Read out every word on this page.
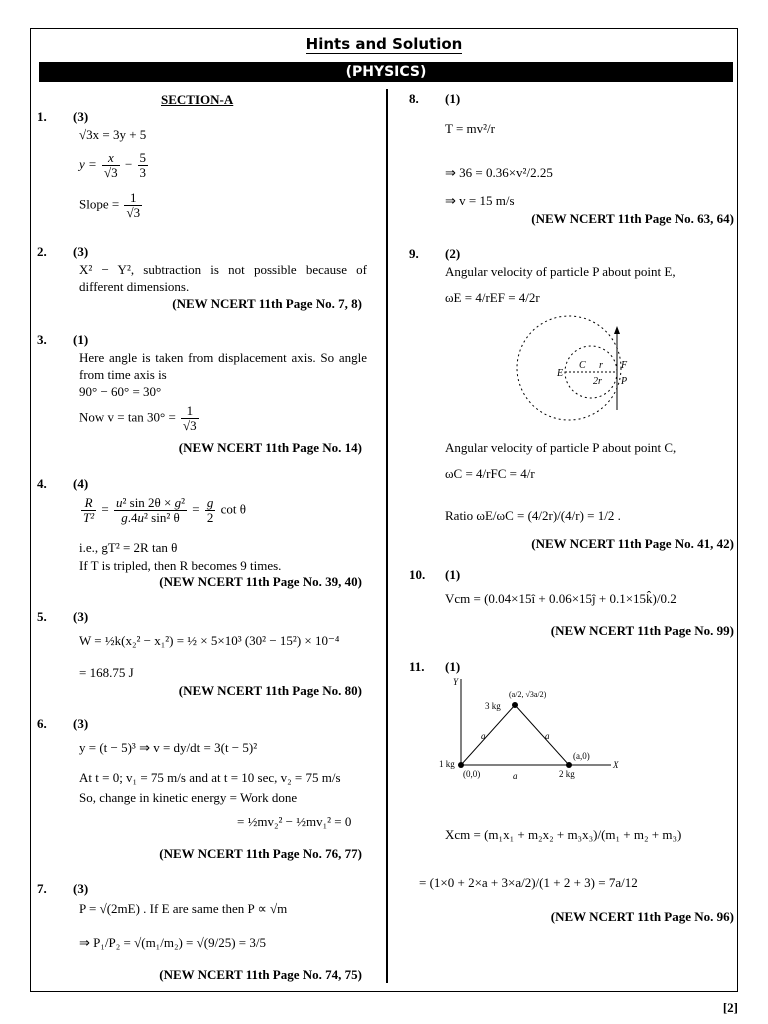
Hints and Solution
(PHYSICS)
SECTION-A
1. (3)
√3x = 3y + 5
$y = \frac{x}{√3} - \frac{5}{3}$
Slope = $\frac{1}{√3}$
2. (3)
X² − Y², subtraction is not possible because of different dimensions.
(NEW NCERT 11th Page No. 7, 8)
3. (1)
Here angle is taken from displacement axis. So angle from time axis is
90° − 60° = 30°
Now $v = \tan 30^\circ = \frac{1}{√3}$
(NEW NCERT 11th Page No. 14)
4. (4)
$\frac{R}{\text{T²}} = \frac{\text{u² sin 2θ × g²}}{\text{g.4u² sin² θ}} = \frac{g}{2}$ cot θ
i.e., gT² = 2R tan θ
If T is tripled, then R becomes 9 times.
(NEW NCERT 11th Page No. 39, 40)
5. (3)
W = ½k(x₂² − x₁²) = ½ × 5×10³ (30² − 15²) × 10⁻⁴
= 168.75 J
(NEW NCERT 11th Page No. 80)
6. (3)
y = (t − 5)³ ⇒ v = dy/dt = 3(t − 5)²
At t = 0; v₁ = 75 m/s and at t = 10 sec, v₂ = 75 m/s
So, change in kinetic energy = Work done
= ½mv₂² − ½mv₁² = 0
(NEW NCERT 11th Page No. 76, 77)
7. (3)
P = √(2mE) . If E are same then P ∝ √m
⇒ P₁/P₂ = √(m₁/m₂) = √(9/25) = 3/5
(NEW NCERT 11th Page No. 74, 75)
8. (1)
T = mv²/r
⇒ 36 = 0.36×v²/2.25
⇒ v = 15 m/s
(NEW NCERT 11th Page No. 63, 64)
9. (2)
Angular velocity of particle P about point E,
ωE = 4/rEF = 4/2r
E
C r F
2r P
Angular velocity of particle P about point C,
ωC = 4/rFC = 4/r
Ratio ωE/ωC = (4/2r)/(4/r) = 1/2 .
(NEW NCERT 11th Page No. 41, 42)
10. (1)
Vcm = (0.04×15î + 0.06×15ĵ + 0.1×15k̂)/0.2
(NEW NCERT 11th Page No. 99)
11. (1)
Y
X
3 kg
(a/2, √3a/2)
1 kg
(0,0)	2 kg
(a,0)
a	a
a
Xcm = (m₁x₁ + m₂x₂ + m₃x₃)/(m₁ + m₂ + m₃)
= (1×0 + 2×a + 3×a/2)/(1 + 2 + 3) = 7a/12
(NEW NCERT 11th Page No. 96)
[2]
